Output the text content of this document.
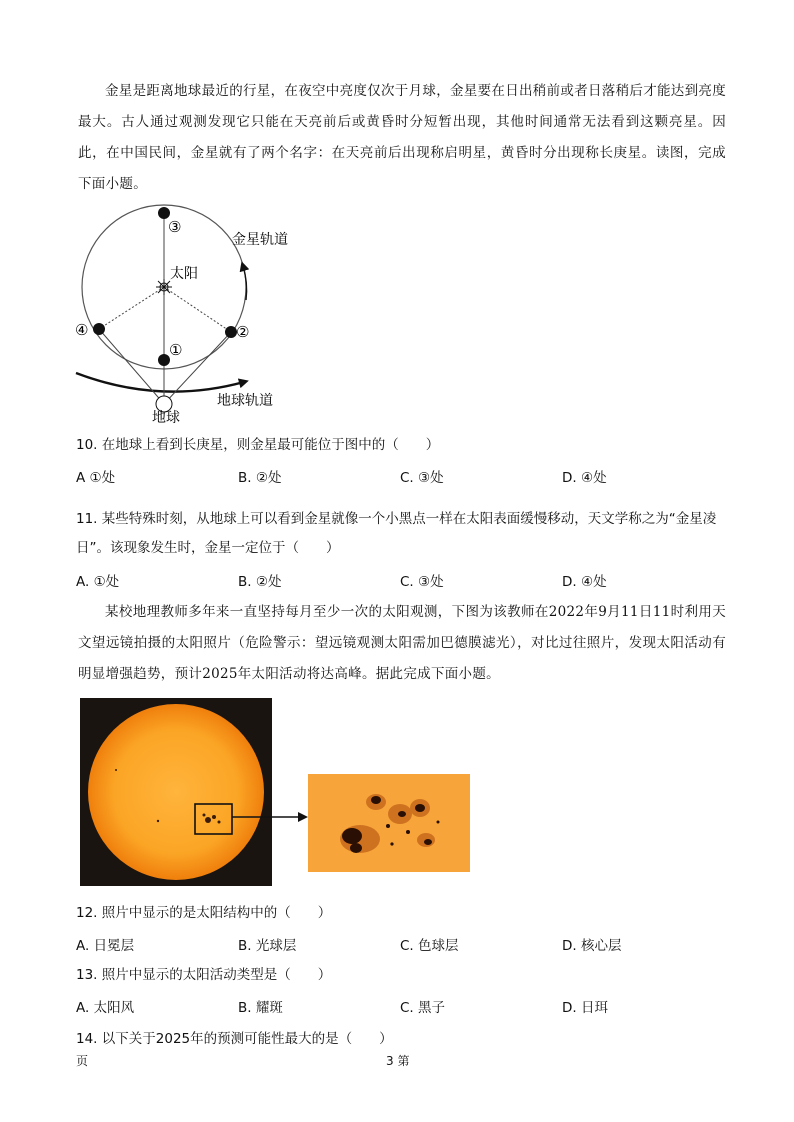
金星是距离地球最近的行星，在夜空中亮度仅次于月球，金星要在日出稍前或者日落稍后才能达到亮度最大。古人通过观测发现它只能在天亮前后或黄昏时分短暂出现，其他时间通常无法看到这颗亮星。因此，在中国民间，金星就有了两个名字：在天亮前后出现称启明星，黄昏时分出现称长庚星。读图，完成下面小题。
③
金星轨道
太阳
④	②
①
地球轨道
地球
10. 在地球上看到长庚星，则金星最可能位于图中的（　　）
A ①处	B. ②处	C. ③处	D. ④处
11. 某些特殊时刻，从地球上可以看到金星就像一个小黑点一样在太阳表面缓慢移动，天文学称之为“金星凌日”。该现象发生时，金星一定位于（　　）
A. ①处	B. ②处	C. ③处	D. ④处
某校地理教师多年来一直坚持每月至少一次的太阳观测，下图为该教师在2022年9月11日11时利用天文望远镜拍摄的太阳照片（危险警示：望远镜观测太阳需加巴德膜滤光），对比过往照片，发现太阳活动有明显增强趋势，预计2025年太阳活动将达高峰。据此完成下面小题。
12. 照片中显示的是太阳结构中的（　　）
A. 日冕层	B. 光球层	C. 色球层	D. 核心层
13. 照片中显示的太阳活动类型是（　　）
A. 太阳风	B. 耀斑	C. 黑子	D. 日珥
14. 以下关于2025年的预测可能性最大的是（　　）
页	3 第
